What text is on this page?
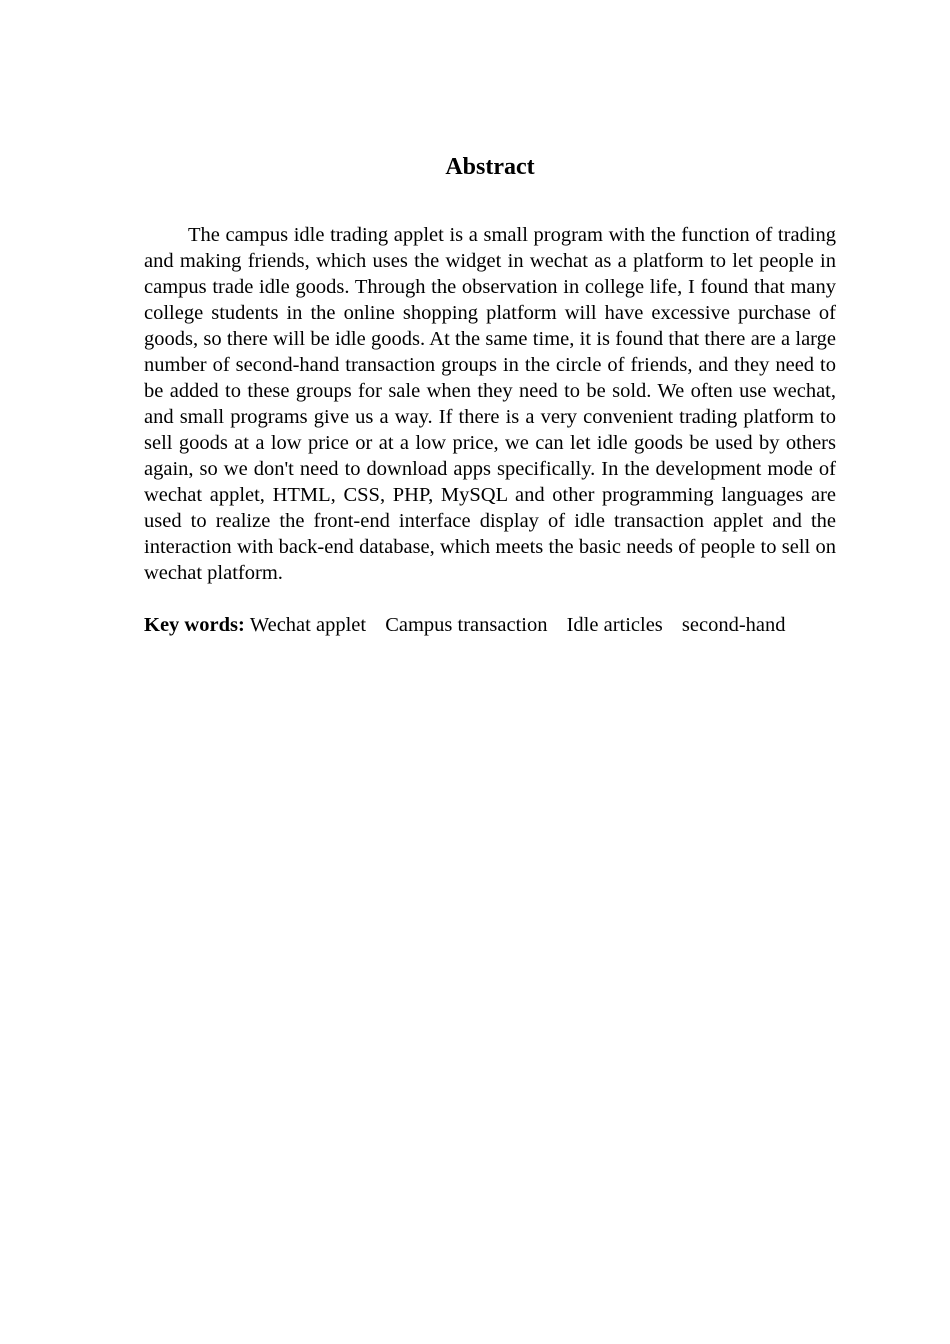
Abstract

The campus idle trading applet is a small program with the function of trading and making friends, which uses the widget in wechat as a platform to let people in campus trade idle goods. Through the observation in college life, I found that many college students in the online shopping platform will have excessive purchase of goods, so there will be idle goods. At the same time, it is found that there are a large number of second-hand transaction groups in the circle of friends, and they need to be added to these groups for sale when they need to be sold. We often use wechat, and small programs give us a way. If there is a very convenient trading platform to sell goods at a low price or at a low price, we can let idle goods be used by others again, so we don't need to download apps specifically. In the development mode of wechat applet, HTML, CSS, PHP, MySQL and other programming languages are used to realize the front-end interface display of idle transaction applet and the interaction with back-end database, which meets the basic needs of people to sell on wechat platform.

Key words: Wechat applet Campus transaction Idle articles second-hand
